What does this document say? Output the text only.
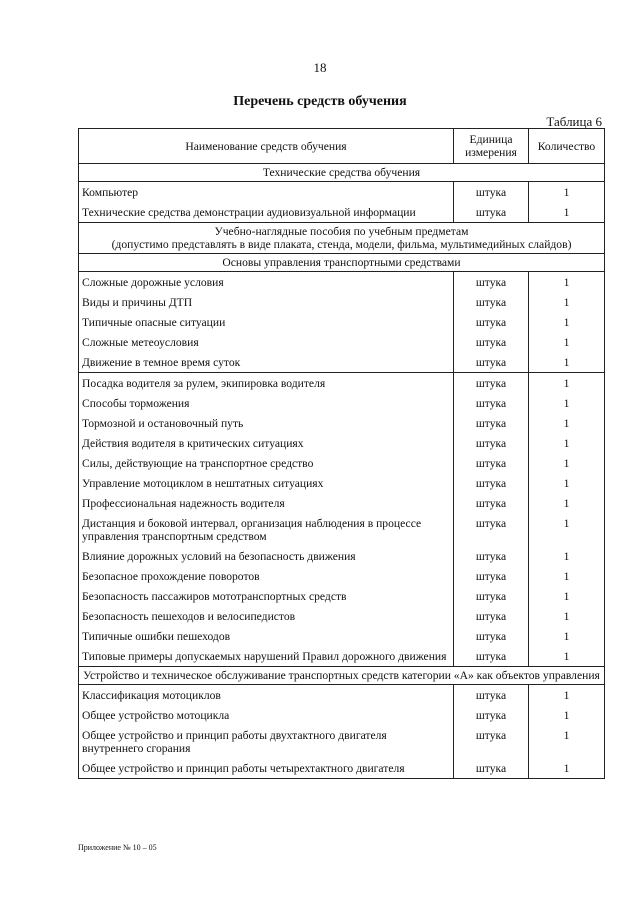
18
Перечень средств обучения
Таблица 6
Наименование средств обучения	Единица измерения	Количество
Технические средства обучения		
Компьютер	штука	1
Технические средства демонстрации аудиовизуальной информации	штука	1
Учебно-наглядные пособия по учебным предметам
(допустимо представлять в виде плаката, стенда, модели, фильма, мультимедийных слайдов)		
Основы управления транспортными средствами		
Сложные дорожные условия	штука	1
Виды и причины ДТП	штука	1
Типичные опасные ситуации	штука	1
Сложные метеоусловия	штука	1
Движение в темное время суток	штука	1
Посадка водителя за рулем, экипировка водителя	штука	1
Способы торможения	штука	1
Тормозной и остановочный путь	штука	1
Действия водителя в критических ситуациях	штука	1
Силы, действующие на транспортное средство	штука	1
Управление мотоциклом в нештатных ситуациях	штука	1
Профессиональная надежность водителя	штука	1
Дистанция и боковой интервал, организация наблюдения в процессе управления транспортным средством	штука	1
Влияние дорожных условий на безопасность движения	штука	1
Безопасное прохождение поворотов	штука	1
Безопасность пассажиров мототранспортных средств	штука	1
Безопасность пешеходов и велосипедистов	штука	1
Типичные ошибки пешеходов	штука	1
Типовые примеры допускаемых нарушений Правил дорожного движения	штука	1
Устройство и техническое обслуживание транспортных средств категории «А» как объектов управления		
Классификация мотоциклов	штука	1
Общее устройство мотоцикла	штука	1
Общее устройство и принцип работы двухтактного двигателя внутреннего сгорания	штука	1
Общее устройство и принцип работы четырехтактного двигателя	штука	1
Приложение № 10 – 05
